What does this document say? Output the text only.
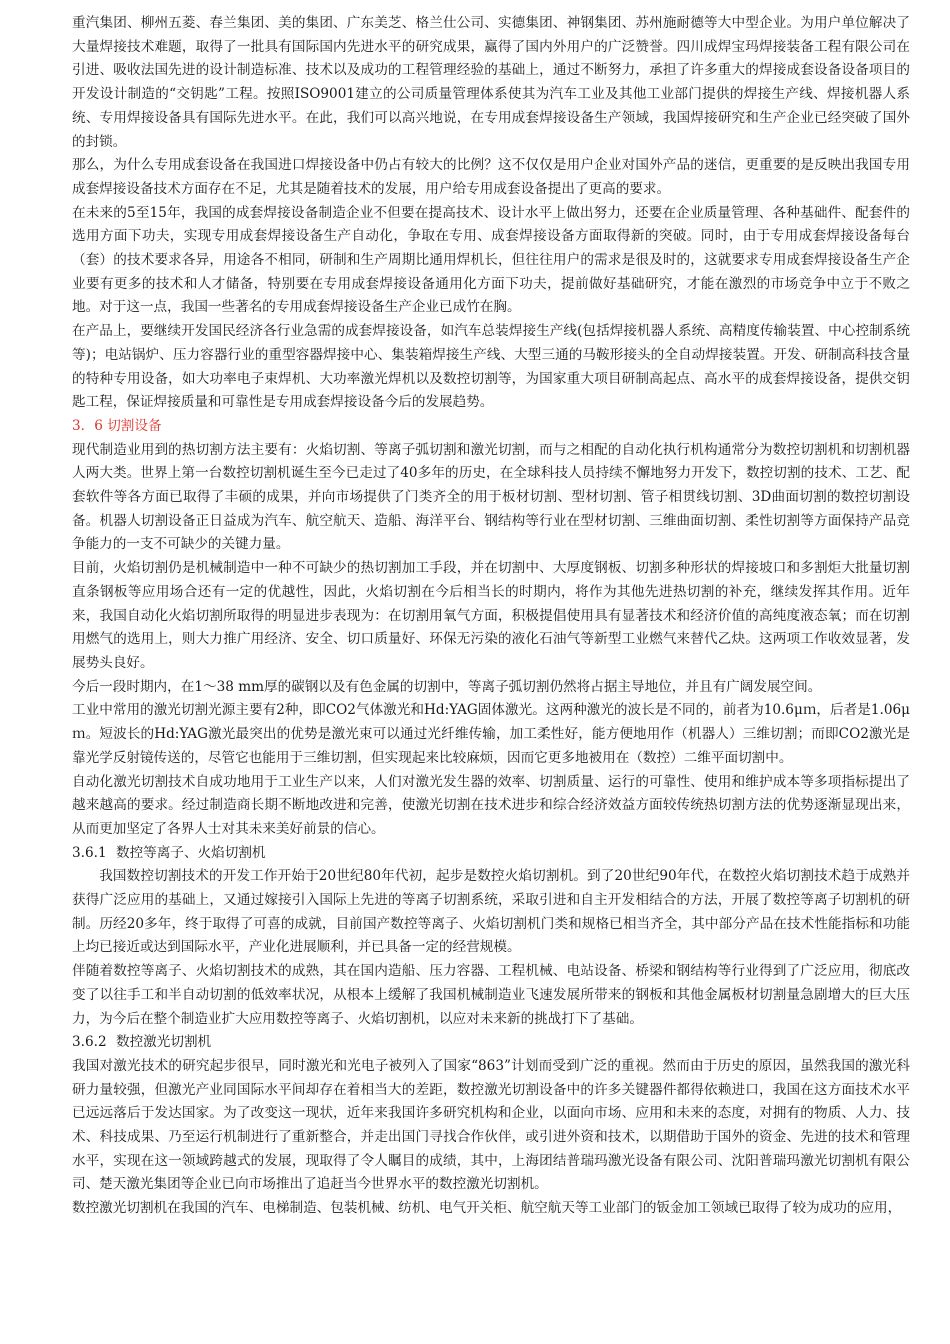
重汽集团、柳州五菱、春兰集团、美的集团、广东美芝、格兰仕公司、实德集团、神钢集团、苏州施耐德等大中型企业。为用户单位解决了大量焊接技术难题，取得了一批具有国际国内先进水平的研究成果，赢得了国内外用户的广泛赞誉。四川成焊宝玛焊接装备工程有限公司在引进、吸收法国先进的设计制造标准、技术以及成功的工程管理经验的基础上，通过不断努力，承担了许多重大的焊接成套设备设备项目的开发设计制造的“交钥匙”工程。按照ISO9001建立的公司质量管理体系使其为汽车工业及其他工业部门提供的焊接生产线、焊接机器人系统、专用焊接设备具有国际先进水平。在此，我们可以高兴地说，在专用成套焊接设备生产领域，我国焊接研究和生产企业已经突破了国外的封锁。

那么，为什么专用成套设备在我国进口焊接设备中仍占有较大的比例？这不仅仅是用户企业对国外产品的迷信，更重要的是反映出我国专用成套焊接设备技术方面存在不足，尤其是随着技术的发展，用户给专用成套设备提出了更高的要求。

在未来的5至15年，我国的成套焊接设备制造企业不但要在提高技术、设计水平上做出努力，还要在企业质量管理、各种基础件、配套件的选用方面下功夫，实现专用成套焊接设备生产自动化，争取在专用、成套焊接设备方面取得新的突破。同时，由于专用成套焊接设备每台（套）的技术要求各异，用途各不相同，研制和生产周期比通用焊机长，但往往用户的需求是很及时的，这就要求专用成套焊接设备生产企业要有更多的技术和人才储备，特别要在专用成套焊接设备通用化方面下功夫，提前做好基础研究，才能在激烈的市场竞争中立于不败之地。对于这一点，我国一些著名的专用成套焊接设备生产企业已成竹在胸。

在产品上，要继续开发国民经济各行业急需的成套焊接设备，如汽车总装焊接生产线(包括焊接机器人系统、高精度传输装置、中心控制系统等)；电站锅炉、压力容器行业的重型容器焊接中心、集装箱焊接生产线、大型三通的马鞍形接头的全自动焊接装置。开发、研制高科技含量的特种专用设备，如大功率电子束焊机、大功率激光焊机以及数控切割等，为国家重大项目研制高起点、高水平的成套焊接设备，提供交钥匙工程，保证焊接质量和可靠性是专用成套焊接设备今后的发展趋势。

3．6 切割设备

现代制造业用到的热切割方法主要有：火焰切割、等离子弧切割和激光切割，而与之相配的自动化执行机构通常分为数控切割机和切割机器人两大类。世界上第一台数控切割机诞生至今已走过了40多年的历史，在全球科技人员持续不懈地努力开发下，数控切割的技术、工艺、配套软件等各方面已取得了丰硕的成果，并向市场提供了门类齐全的用于板材切割、型材切割、管子相贯线切割、3D曲面切割的数控切割设备。机器人切割设备正日益成为汽车、航空航天、造船、海洋平台、钢结构等行业在型材切割、三维曲面切割、柔性切割等方面保持产品竞争能力的一支不可缺少的关键力量。

目前，火焰切割仍是机械制造中一种不可缺少的热切割加工手段，并在切割中、大厚度钢板、切割多种形状的焊接坡口和多割炬大批量切割直条钢板等应用场合还有一定的优越性，因此，火焰切割在今后相当长的时期内，将作为其他先进热切割的补充，继续发挥其作用。近年来，我国自动化火焰切割所取得的明显进步表现为：在切割用氧气方面，积极提倡使用具有显著技术和经济价值的高纯度液态氧；而在切割用燃气的选用上，则大力推广用经济、安全、切口质量好、环保无污染的液化石油气等新型工业燃气来替代乙炔。这两项工作收效显著，发展势头良好。

今后一段时期内，在1～38 mm厚的碳钢以及有色金属的切割中，等离子弧切割仍然将占据主导地位，并且有广阔发展空间。

工业中常用的激光切割光源主要有2种，即CO2气体激光和Hd:YAG固体激光。这两种激光的波长是不同的，前者为10.6μｍ，后者是1.06μｍ。短波长的Hd:YAG激光最突出的优势是激光束可以通过光纤维传输，加工柔性好，能方便地用作（机器人）三维切割；而即CO2激光是靠光学反射镜传送的，尽管它也能用于三维切割，但实现起来比较麻烦，因而它更多地被用在（数控）二维平面切割中。

自动化激光切割技术自成功地用于工业生产以来，人们对激光发生器的效率、切割质量、运行的可靠性、使用和维护成本等多项指标提出了越来越高的要求。经过制造商长期不断地改进和完善，使激光切割在技术进步和综合经济效益方面较传统热切割方法的优势逐渐显现出来，从而更加坚定了各界人士对其未来美好前景的信心。

3.6.1 数控等离子、火焰切割机

我国数控切割技术的开发工作开始于20世纪80年代初，起步是数控火焰切割机。到了20世纪90年代，在数控火焰切割技术趋于成熟并获得广泛应用的基础上，又通过嫁接引入国际上先进的等离子切割系统，采取引进和自主开发相结合的方法，开展了数控等离子切割机的研制。历经20多年，终于取得了可喜的成就，目前国产数控等离子、火焰切割机门类和规格已相当齐全，其中部分产品在技术性能指标和功能上均已接近或达到国际水平，产业化进展顺利，并已具备一定的经营规模。

伴随着数控等离子、火焰切割技术的成熟，其在国内造船、压力容器、工程机械、电站设备、桥梁和钢结构等行业得到了广泛应用，彻底改变了以往手工和半自动切割的低效率状况，从根本上缓解了我国机械制造业飞速发展所带来的钢板和其他金属板材切割量急剧增大的巨大压力，为今后在整个制造业扩大应用数控等离子、火焰切割机，以应对未来新的挑战打下了基础。

3.6.2 数控激光切割机

我国对激光技术的研究起步很早，同时激光和光电子被列入了国家“863”计划而受到广泛的重视。然而由于历史的原因，虽然我国的激光科研力量较强，但激光产业同国际水平间却存在着相当大的差距，数控激光切割设备中的许多关键器件都得依赖进口，我国在这方面技术水平已远远落后于发达国家。为了改变这一现状，近年来我国许多研究机构和企业，以面向市场、应用和未来的态度，对拥有的物质、人力、技术、科技成果、乃至运行机制进行了重新整合，并走出国门寻找合作伙伴，或引进外资和技术，以期借助于国外的资金、先进的技术和管理水平，实现在这一领域跨越式的发展，现取得了令人瞩目的成绩，其中，上海团结普瑞玛激光设备有限公司、沈阳普瑞玛激光切割机有限公司、楚天激光集团等企业已向市场推出了追赶当今世界水平的数控激光切割机。

数控激光切割机在我国的汽车、电梯制造、包装机械、纺机、电气开关柜、航空航天等工业部门的钣金加工领域已取得了较为成功的应用，
